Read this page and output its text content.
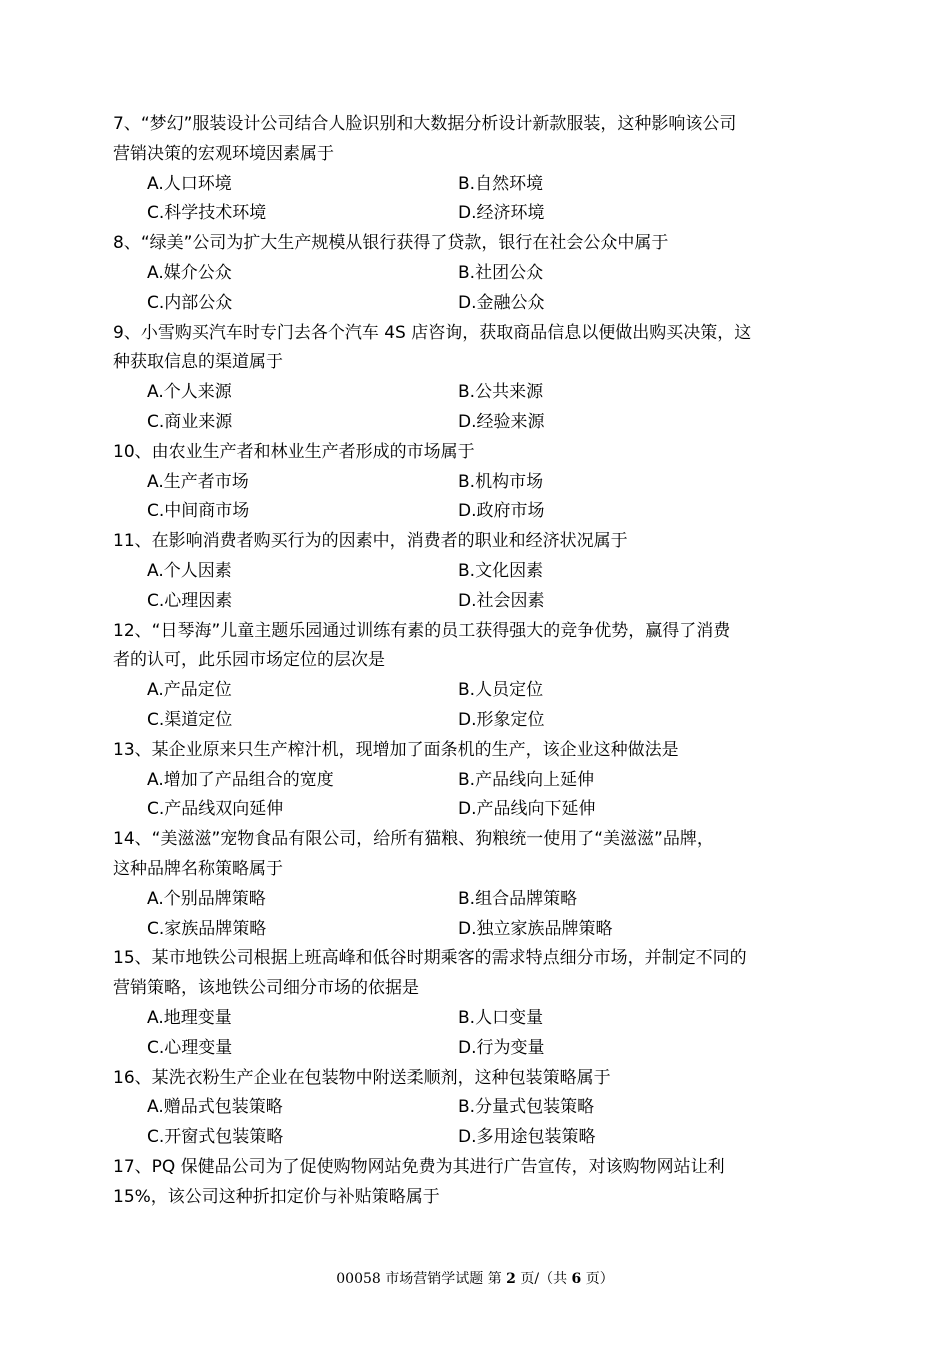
7、“梦幻”服装设计公司结合人脸识别和大数据分析设计新款服装，这种影响该公司
营销决策的宏观环境因素属于
A.人口环境	B.自然环境
C.科学技术环境	D.经济环境
8、“绿美”公司为扩大生产规模从银行获得了贷款，银行在社会公众中属于
A.媒介公众	B.社团公众
C.内部公众	D.金融公众
9、小雪购买汽车时专门去各个汽车 4S 店咨询，获取商品信息以便做出购买决策，这
种获取信息的渠道属于
A.个人来源	B.公共来源
C.商业来源	D.经验来源
10、由农业生产者和林业生产者形成的市场属于
A.生产者市场	B.机构市场
C.中间商市场	D.政府市场
11、在影响消费者购买行为的因素中，消费者的职业和经济状况属于
A.个人因素	B.文化因素
C.心理因素	D.社会因素
12、“日琴海”儿童主题乐园通过训练有素的员工获得强大的竞争优势，赢得了消费
者的认可，此乐园市场定位的层次是
A.产品定位	B.人员定位
C.渠道定位	D.形象定位
13、某企业原来只生产榨汁机，现增加了面条机的生产，该企业这种做法是
A.增加了产品组合的宽度	B.产品线向上延伸
C.产品线双向延伸	D.产品线向下延伸
14、“美滋滋”宠物食品有限公司，给所有猫粮、狗粮统一使用了“美滋滋”品牌，
这种品牌名称策略属于
A.个别品牌策略	B.组合品牌策略
C.家族品牌策略	D.独立家族品牌策略
15、某市地铁公司根据上班高峰和低谷时期乘客的需求特点细分市场，并制定不同的
营销策略，该地铁公司细分市场的依据是
A.地理变量	B.人口变量
C.心理变量	D.行为变量
16、某洗衣粉生产企业在包装物中附送柔顺剂，这种包装策略属于
A.赠品式包装策略	B.分量式包装策略
C.开窗式包装策略	D.多用途包装策略
17、PQ 保健品公司为了促使购物网站免费为其进行广告宣传，对该购物网站让利
15%，该公司这种折扣定价与补贴策略属于
00058 市场营销学试题 第 2 页/（共 6 页）
